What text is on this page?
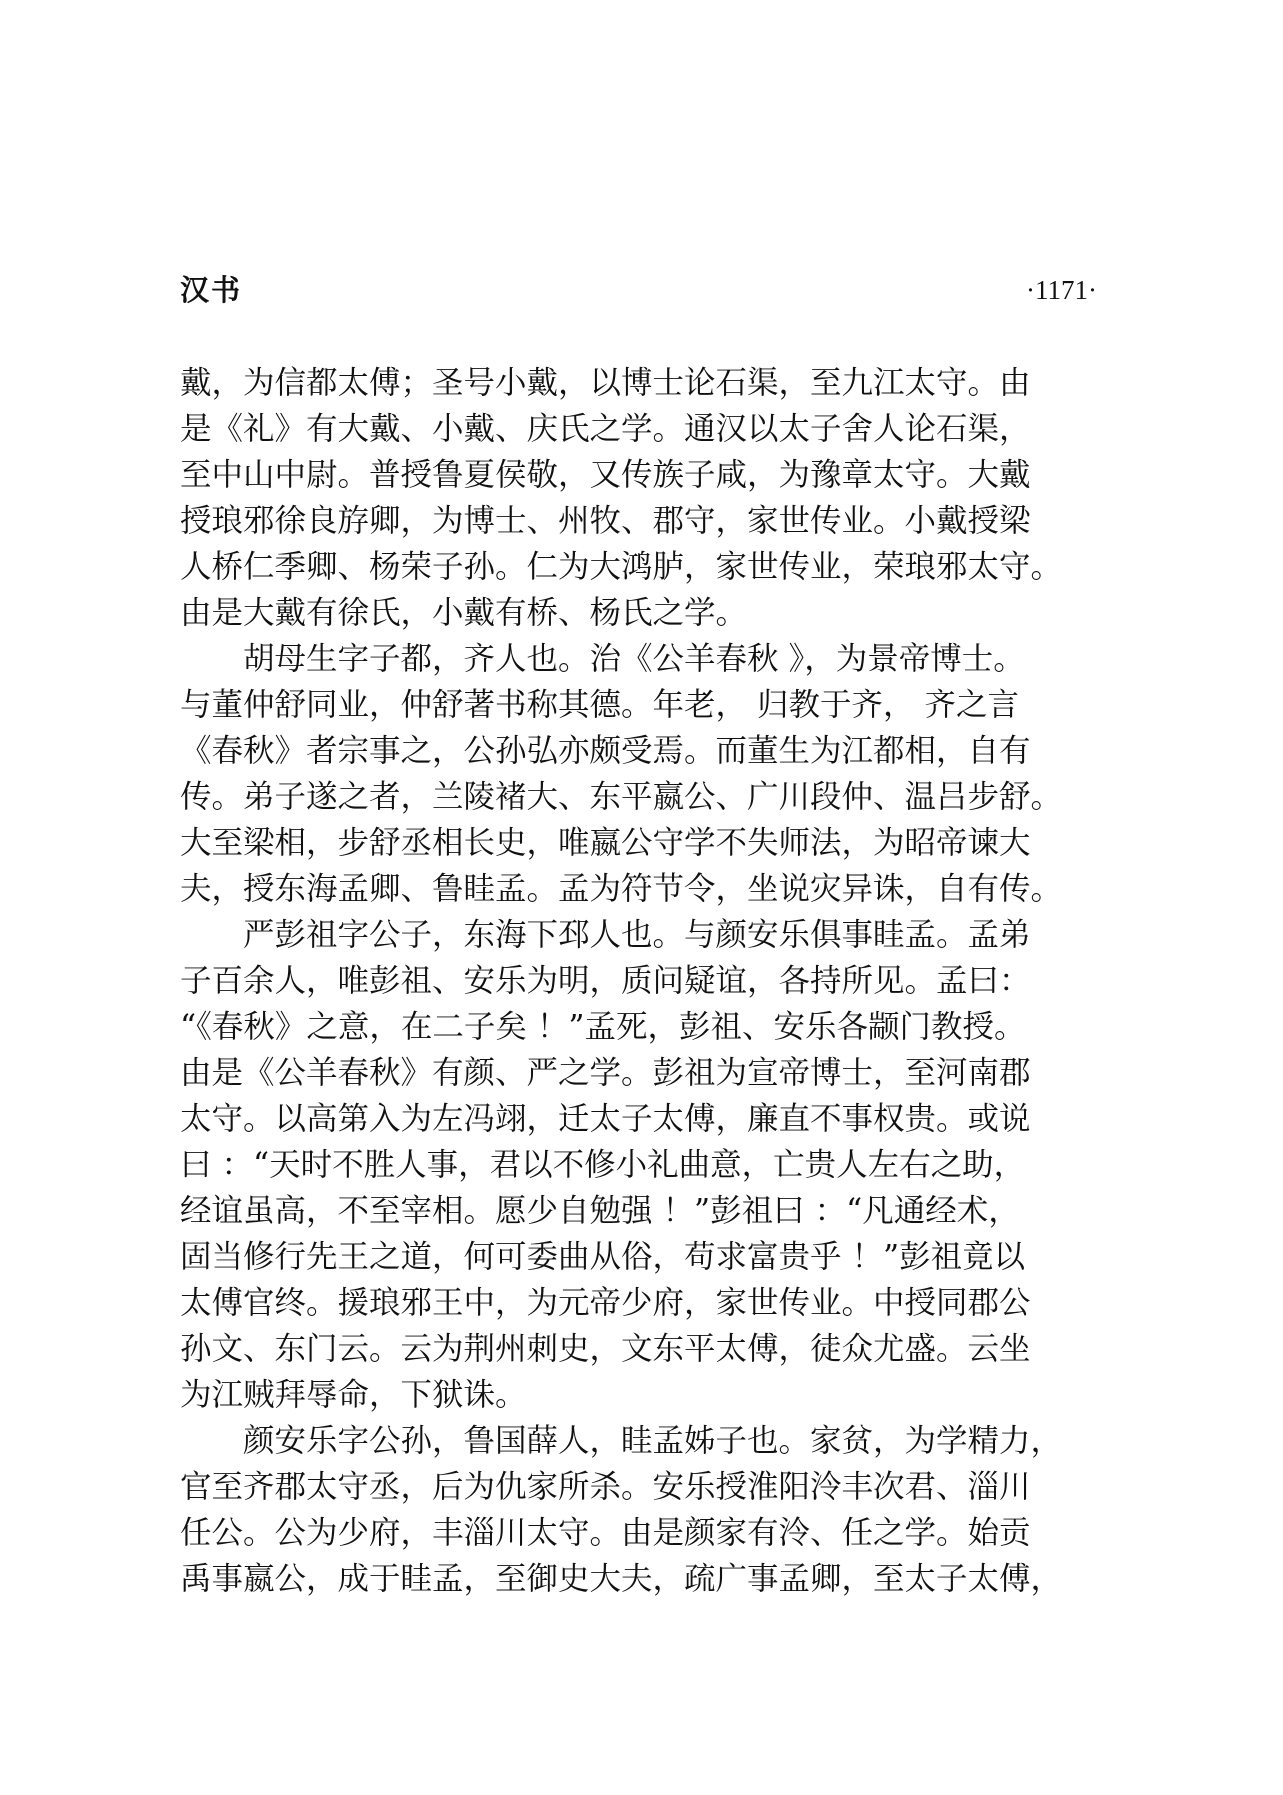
汉书	·1171·
戴，为信都太傅；圣号小戴，以博士论石渠，至九江太守。由
是《礼》有大戴、小戴、庆氏之学。通汉以太子舍人论石渠，
至中山中尉。普授鲁夏侯敬，又传族子咸，为豫章太守。大戴
授琅邪徐良斿卿，为博士、州牧、郡守，家世传业。小戴授梁
人桥仁季卿、杨荣子孙。仁为大鸿胪，家世传业，荣琅邪太守。
由是大戴有徐氏，小戴有桥、杨氏之学。
胡母生字子都，齐人也。治《公羊春秋 》，为景帝博士。
与董仲舒同业，仲舒著书称其德。年老， 归教于齐， 齐之言
《春秋》者宗事之，公孙弘亦颇受焉。而董生为江都相，自有
传。弟子遂之者，兰陵褚大、东平嬴公、广川段仲、温吕步舒。
大至梁相，步舒丞相长史，唯嬴公守学不失师法，为昭帝谏大
夫，授东海孟卿、鲁眭孟。孟为符节令，坐说灾异诛，自有传。
严彭祖字公子，东海下邳人也。与颜安乐俱事眭孟。孟弟
子百余人，唯彭祖、安乐为明，质问疑谊，各持所见。孟曰：
“《春秋》之意，在二子矣 ！”孟死，彭祖、安乐各颛门教授。
由是《公羊春秋》有颜、严之学。彭祖为宣帝博士，至河南郡
太守。以高第入为左冯翊，迁太子太傅，廉直不事权贵。或说
曰 ：“天时不胜人事，君以不修小礼曲意，亡贵人左右之助，
经谊虽高，不至宰相。愿少自勉强 ！”彭祖曰 ：“凡通经术，
固当修行先王之道，何可委曲从俗，苟求富贵乎 ！”彭祖竟以
太傅官终。援琅邪王中，为元帝少府，家世传业。中授同郡公
孙文、东门云。云为荆州刺史，文东平太傅，徒众尤盛。云坐
为江贼拜辱命，下狱诛。
颜安乐字公孙，鲁国薛人，眭孟姊子也。家贫，为学精力，
官至齐郡太守丞，后为仇家所杀。安乐授淮阳泠丰次君、淄川
任公。公为少府，丰淄川太守。由是颜家有泠、任之学。始贡
禹事嬴公，成于眭孟，至御史大夫，疏广事孟卿，至太子太傅，
